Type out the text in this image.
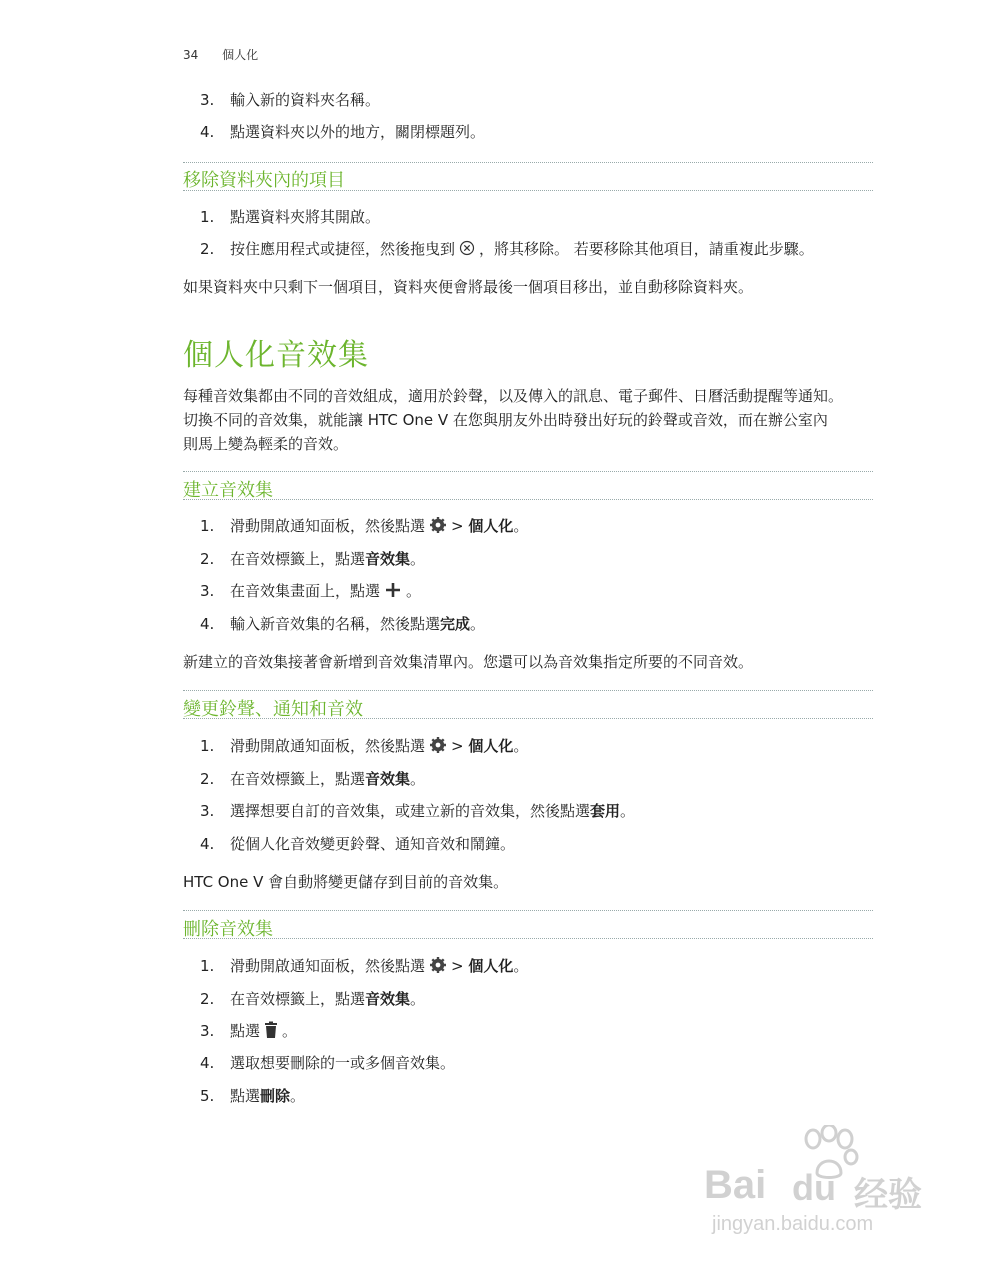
34 個人化
3. 輸入新的資料夾名稱。
4. 點選資料夾以外的地方，關閉標題列。
移除資料夾內的項目
1. 點選資料夾將其開啟。
2. 按住應用程式或捷徑，然後拖曳到 ，將其移除。 若要移除其他項目，請重複此步驟。
如果資料夾中只剩下一個項目，資料夾便會將最後一個項目移出，並自動移除資料夾。
個人化音效集
每種音效集都由不同的音效組成，適用於鈴聲，以及傳入的訊息、電子郵件、日曆活動提醒等通知。
切換不同的音效集，就能讓 HTC One V 在您與朋友外出時發出好玩的鈴聲或音效，而在辦公室內
則馬上變為輕柔的音效。
建立音效集
1. 滑動開啟通知面板，然後點選 > 個人化。
2. 在音效標籤上，點選音效集。
3. 在音效集畫面上，點選 。
4. 輸入新音效集的名稱，然後點選完成。
新建立的音效集接著會新增到音效集清單內。您還可以為音效集指定所要的不同音效。
變更鈴聲、通知和音效
1. 滑動開啟通知面板，然後點選 > 個人化。
2. 在音效標籤上，點選音效集。
3. 選擇想要自訂的音效集，或建立新的音效集，然後點選套用。
4. 從個人化音效變更鈴聲、通知音效和鬧鐘。
HTC One V 會自動將變更儲存到目前的音效集。
刪除音效集
1. 滑動開啟通知面板，然後點選 > 個人化。
2. 在音效標籤上，點選音效集。
3. 點選 。
4. 選取想要刪除的一或多個音效集。
5. 點選刪除。
Bai du 经验
jingyan.baidu.com
